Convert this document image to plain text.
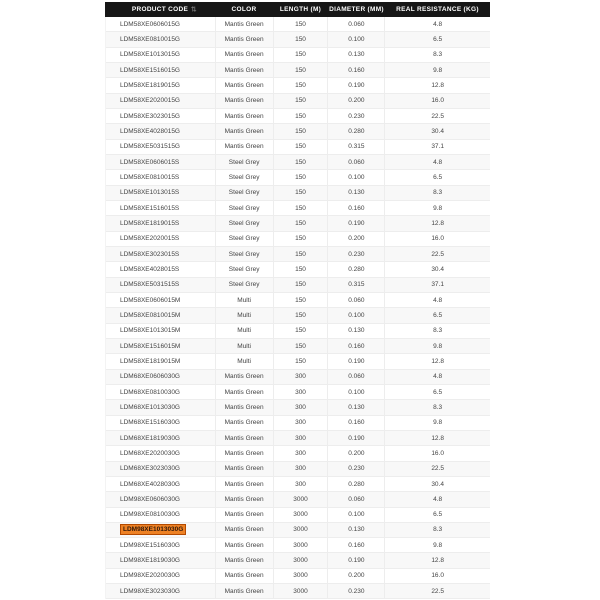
PRODUCT CODE ⇅	COLOR	LENGTH (M)	DIAMETER (MM)	REAL RESISTANCE (KG)
LDM58XE0606015G	Mantis Green	150	0.060	4.8
LDM58XE0810015G	Mantis Green	150	0.100	6.5
LDM58XE1013015G	Mantis Green	150	0.130	8.3
LDM58XE1516015G	Mantis Green	150	0.160	9.8
LDM58XE1819015G	Mantis Green	150	0.190	12.8
LDM58XE2020015G	Mantis Green	150	0.200	16.0
LDM58XE3023015G	Mantis Green	150	0.230	22.5
LDM58XE4028015G	Mantis Green	150	0.280	30.4
LDM58XE5031515G	Mantis Green	150	0.315	37.1
LDM58XE0606015S	Steel Grey	150	0.060	4.8
LDM58XE0810015S	Steel Grey	150	0.100	6.5
LDM58XE1013015S	Steel Grey	150	0.130	8.3
LDM58XE1516015S	Steel Grey	150	0.160	9.8
LDM58XE1819015S	Steel Grey	150	0.190	12.8
LDM58XE2020015S	Steel Grey	150	0.200	16.0
LDM58XE3023015S	Steel Grey	150	0.230	22.5
LDM58XE4028015S	Steel Grey	150	0.280	30.4
LDM58XE5031515S	Steel Grey	150	0.315	37.1
LDM58XE0606015M	Multi	150	0.060	4.8
LDM58XE0810015M	Multi	150	0.100	6.5
LDM58XE1013015M	Multi	150	0.130	8.3
LDM58XE1516015M	Multi	150	0.160	9.8
LDM58XE1819015M	Multi	150	0.190	12.8
LDM68XE0606030G	Mantis Green	300	0.060	4.8
LDM68XE0810030G	Mantis Green	300	0.100	6.5
LDM68XE1013030G	Mantis Green	300	0.130	8.3
LDM68XE1516030G	Mantis Green	300	0.160	9.8
LDM68XE1819030G	Mantis Green	300	0.190	12.8
LDM68XE2020030G	Mantis Green	300	0.200	16.0
LDM68XE3023030G	Mantis Green	300	0.230	22.5
LDM68XE4028030G	Mantis Green	300	0.280	30.4
LDM98XE0606030G	Mantis Green	3000	0.060	4.8
LDM98XE0810030G	Mantis Green	3000	0.100	6.5
LDM98XE1013030G	Mantis Green	3000	0.130	8.3
LDM98XE1516030G	Mantis Green	3000	0.160	9.8
LDM98XE1819030G	Mantis Green	3000	0.190	12.8
LDM98XE2020030G	Mantis Green	3000	0.200	16.0
LDM98XE3023030G	Mantis Green	3000	0.230	22.5
